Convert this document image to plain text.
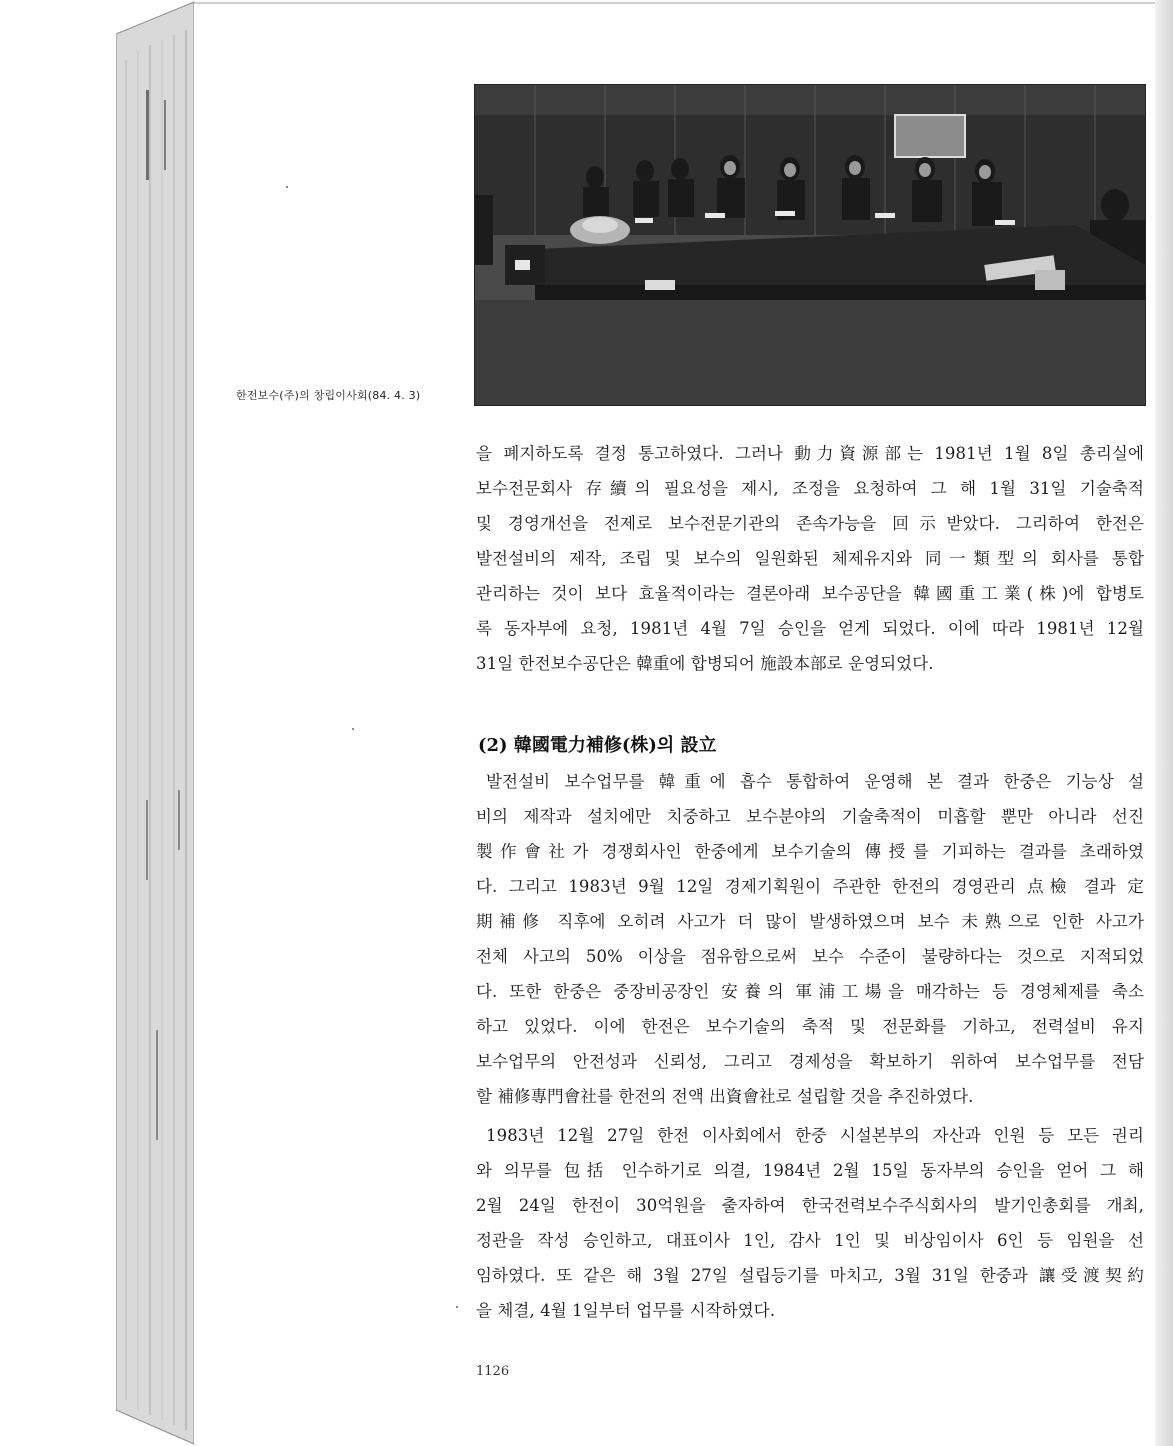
한전보수(주)의 창립이사회(84. 4. 3)
을 폐지하도록 결정 통고하였다. 그러나 動力資源部는 1981년 1월 8일 총리실에
보수전문회사 存續의 필요성을 제시, 조정을 요청하여 그 해 1월 31일 기술축적
및 경영개선을 전제로 보수전문기관의 존속가능을 回示받았다. 그리하여 한전은
발전설비의 제작, 조립 및 보수의 일원화된 체제유지와 同一類型의 회사를 통합
관리하는 것이 보다 효율적이라는 결론아래 보수공단을 韓國重工業(株)에 합병토
록 동자부에 요청, 1981년 4월 7일 승인을 얻게 되었다. 이에 따라 1981년 12월
31일 한전보수공단은 韓重에 합병되어 施設本部로 운영되었다.
(2) 韓國電力補修(株)의 設立
발전설비 보수업무를 韓重에 흡수 통합하여 운영해 본 결과 한중은 기능상 설
비의 제작과 설치에만 치중하고 보수분야의 기술축적이 미흡할 뿐만 아니라 선진
製作會社가 경쟁회사인 한중에게 보수기술의 傳授를 기피하는 결과를 초래하였
다. 그리고 1983년 9월 12일 경제기획원이 주관한 한전의 경영관리 点檢 결과 定
期補修 직후에 오히려 사고가 더 많이 발생하였으며 보수 未熟으로 인한 사고가
전체 사고의 50% 이상을 점유함으로써 보수 수준이 불량하다는 것으로 지적되었
다. 또한 한중은 중장비공장인 安養의 軍浦工場을 매각하는 등 경영체제를 축소
하고 있었다. 이에 한전은 보수기술의 축적 및 전문화를 기하고, 전력설비 유지
보수업무의 안전성과 신뢰성, 그리고 경제성을 확보하기 위하여 보수업무를 전담
할 補修專門會社를 한전의 전액 出資會社로 설립할 것을 추진하였다.
1983년 12월 27일 한전 이사회에서 한중 시설본부의 자산과 인원 등 모든 권리
와 의무를 包括 인수하기로 의결, 1984년 2월 15일 동자부의 승인을 얻어 그 해
2월 24일 한전이 30억원을 출자하여 한국전력보수주식회사의 발기인총회를 개최,
정관을 작성 승인하고, 대표이사 1인, 감사 1인 및 비상임이사 6인 등 임원을 선
임하였다. 또 같은 해 3월 27일 설립등기를 마치고, 3월 31일 한중과 讓受渡契約
을 체결, 4월 1일부터 업무를 시작하였다.
1126
